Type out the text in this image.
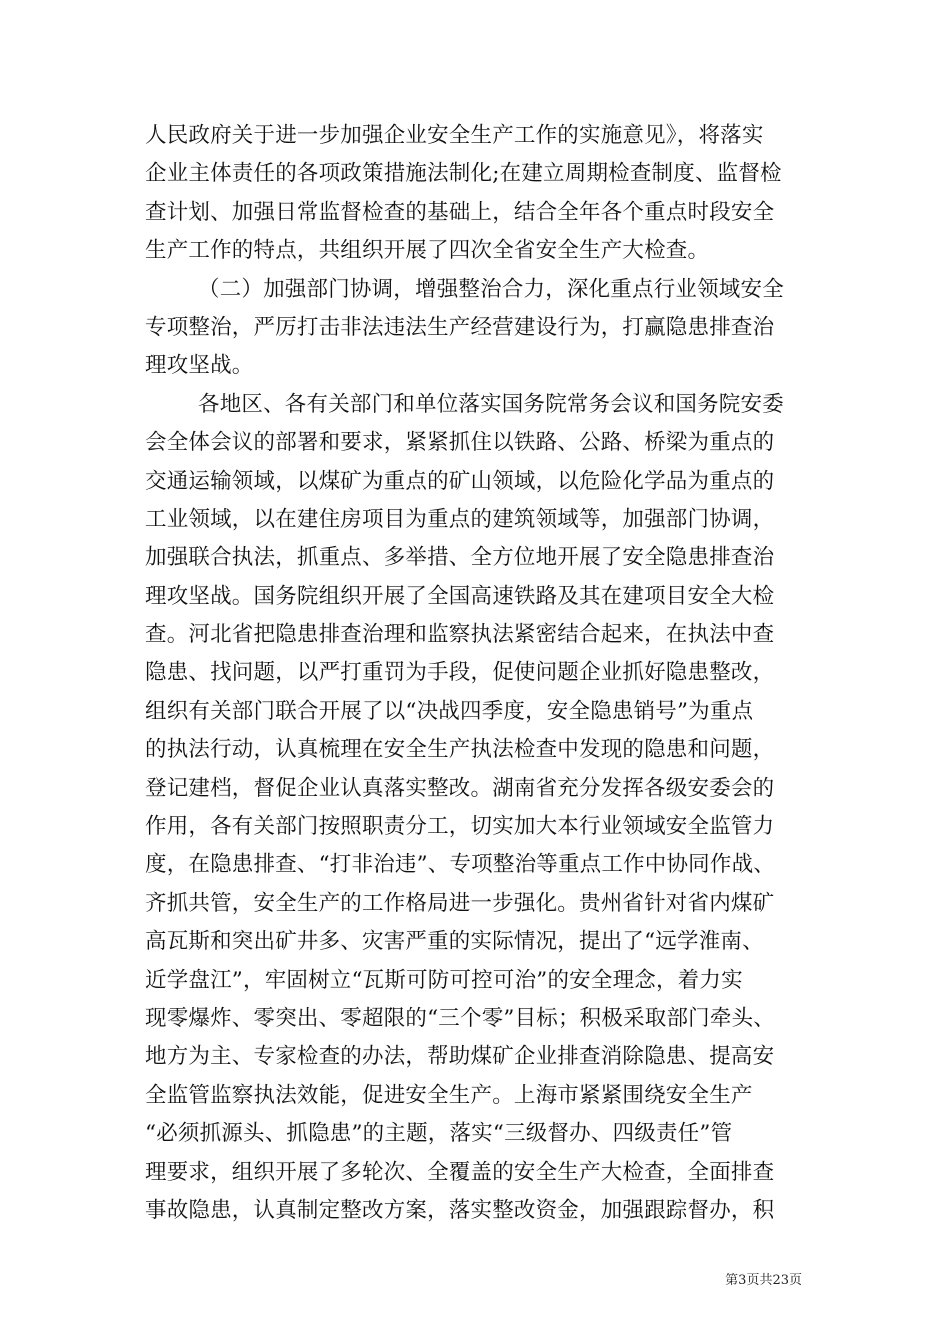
人民政府关于进一步加强企业安全生产工作的实施意见》，将落实
企业主体责任的各项政策措施法制化;在建立周期检查制度、监督检
查计划、加强日常监督检查的基础上，结合全年各个重点时段安全
生产工作的特点，共组织开展了四次全省安全生产大检查。
（二）加强部门协调，增强整治合力，深化重点行业领域安全
专项整治，严厉打击非法违法生产经营建设行为，打赢隐患排查治
理攻坚战。
各地区、各有关部门和单位落实国务院常务会议和国务院安委
会全体会议的部署和要求，紧紧抓住以铁路、公路、桥梁为重点的
交通运输领域，以煤矿为重点的矿山领域，以危险化学品为重点的
工业领域，以在建住房项目为重点的建筑领域等，加强部门协调，
加强联合执法，抓重点、多举措、全方位地开展了安全隐患排查治
理攻坚战。国务院组织开展了全国高速铁路及其在建项目安全大检
查。河北省把隐患排查治理和监察执法紧密结合起来，在执法中查
隐患、找问题，以严打重罚为手段，促使问题企业抓好隐患整改，
组织有关部门联合开展了以“决战四季度，安全隐患销号”为重点
的执法行动，认真梳理在安全生产执法检查中发现的隐患和问题，
登记建档，督促企业认真落实整改。湖南省充分发挥各级安委会的
作用，各有关部门按照职责分工，切实加大本行业领域安全监管力
度，在隐患排查、“打非治违”、专项整治等重点工作中协同作战、
齐抓共管，安全生产的工作格局进一步强化。贵州省针对省内煤矿
高瓦斯和突出矿井多、灾害严重的实际情况，提出了“远学淮南、
近学盘江”，牢固树立“瓦斯可防可控可治”的安全理念，着力实
现零爆炸、零突出、零超限的“三个零”目标；积极采取部门牵头、
地方为主、专家检查的办法，帮助煤矿企业排查消除隐患、提高安
全监管监察执法效能，促进安全生产。上海市紧紧围绕安全生产
“必须抓源头、抓隐患”的主题，落实“三级督办、四级责任”管
理要求，组织开展了多轮次、全覆盖的安全生产大检查，全面排查
事故隐患，认真制定整改方案，落实整改资金，加强跟踪督办，积
第3页共23页
